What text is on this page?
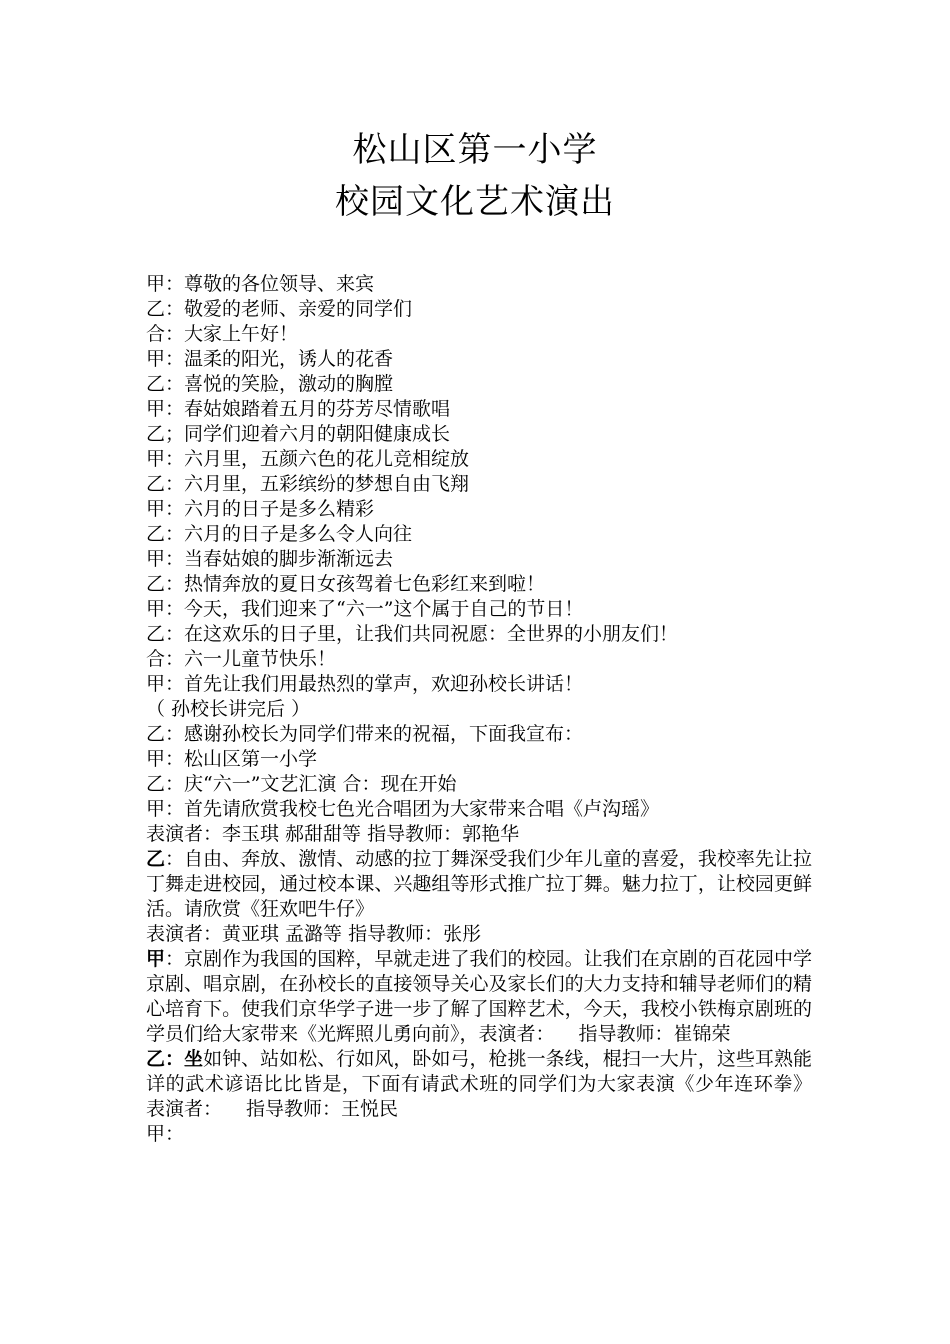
松山区第一小学
校园文化艺术演出
甲：尊敬的各位领导、来宾
乙：敬爱的老师、亲爱的同学们
合：大家上午好！
甲：温柔的阳光，诱人的花香
乙：喜悦的笑脸，激动的胸膛
甲：春姑娘踏着五月的芬芳尽情歌唱
乙；同学们迎着六月的朝阳健康成长
甲：六月里，五颜六色的花儿竞相绽放
乙：六月里，五彩缤纷的梦想自由飞翔
甲：六月的日子是多么精彩
乙：六月的日子是多么令人向往
甲：当春姑娘的脚步渐渐远去
乙：热情奔放的夏日女孩驾着七色彩红来到啦！
甲：今天，我们迎来了“六一”这个属于自己的节日！
乙：在这欢乐的日子里，让我们共同祝愿：全世界的小朋友们！
合：六一儿童节快乐！
甲：首先让我们用最热烈的掌声，欢迎孙校长讲话！
（ 孙校长讲完后 ）
乙：感谢孙校长为同学们带来的祝福，下面我宣布：
甲：松山区第一小学
乙：庆“六一”文艺汇演 合：现在开始
甲：首先请欣赏我校七色光合唱团为大家带来合唱《卢沟瑶》
表演者：李玉琪 郝甜甜等 指导教师：郭艳华
乙：自由、奔放、激情、动感的拉丁舞深受我们少年儿童的喜爱，我校率先让拉丁舞走进校园，通过校本课、兴趣组等形式推广拉丁舞。魅力拉丁，让校园更鲜活。请欣赏《狂欢吧牛仔》
表演者：黄亚琪 孟潞等 指导教师：张彤
甲：京剧作为我国的国粹，早就走进了我们的校园。让我们在京剧的百花园中学京剧、唱京剧，在孙校长的直接领导关心及家长们的大力支持和辅导老师们的精心培育下。使我们京华学子进一步了解了国粹艺术，今天，我校小铁梅京剧班的学员们给大家带来《光辉照儿勇向前》，表演者： 指导教师：崔锦荣
乙：坐如钟、站如松、行如风，卧如弓，枪挑一条线，棍扫一大片，这些耳熟能详的武术谚语比比皆是，下面有请武术班的同学们为大家表演《少年连环拳》 表演者： 指导教师：王悦民
甲：
